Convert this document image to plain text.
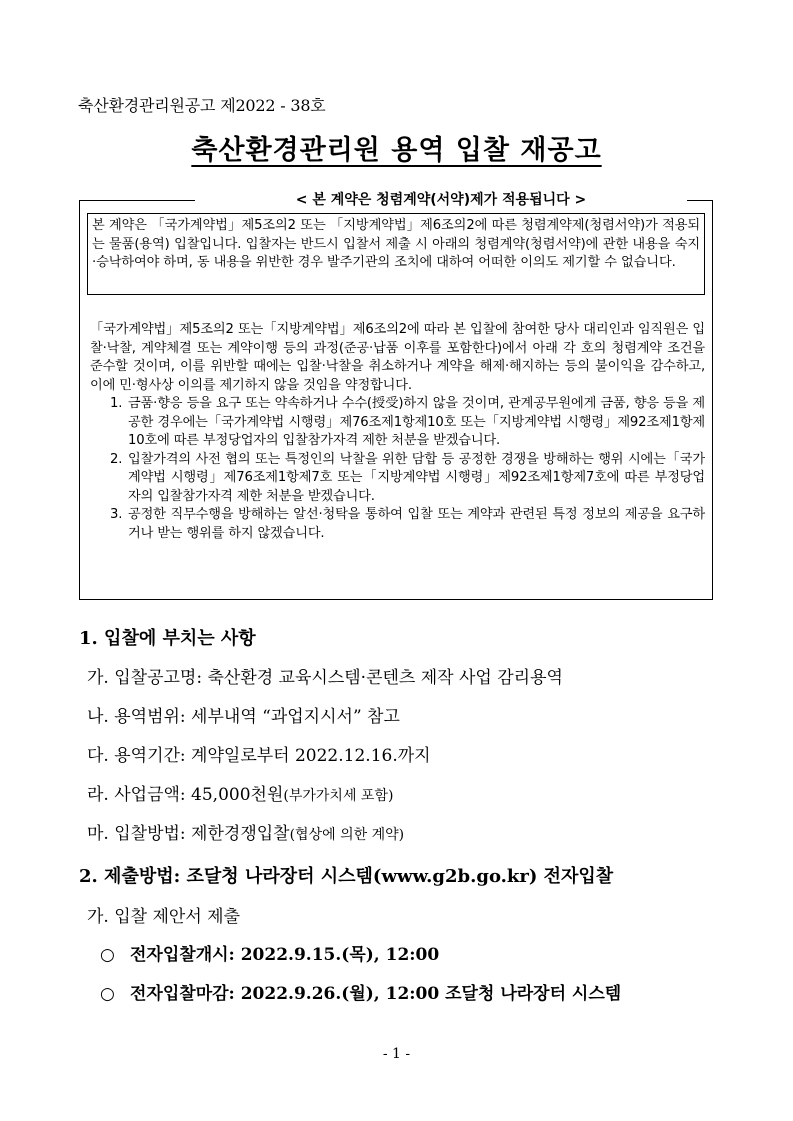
축산환경관리원공고 제2022 - 38호
축산환경관리원 용역 입찰 재공고
< 본 계약은 청렴계약(서약)제가 적용됩니다 >
본 계약은 「국가계약법」제5조의2 또는 「지방계약법」제6조의2에 따른 청렴계약제(청렴서약)가 적용되는 물품(용역) 입찰입니다. 입찰자는 반드시 입찰서 제출 시 아래의 청렴계약(청렴서약)에 관한 내용을 숙지·승낙하여야 하며, 동 내용을 위반한 경우 발주기관의 조치에 대하여 어떠한 이의도 제기할 수 없습니다.
「국가계약법」제5조의2 또는「지방계약법」제6조의2에 따라 본 입찰에 참여한 당사 대리인과 임직원은 입찰·낙찰, 계약체결 또는 계약이행 등의 과정(준공·납품 이후를 포함한다)에서 아래 각 호의 청렴계약 조건을 준수할 것이며, 이를 위반할 때에는 입찰·낙찰을 취소하거나 계약을 해제·해지하는 등의 불이익을 감수하고, 이에 민·형사상 이의를 제기하지 않을 것임을 약정합니다.
1. 금품·향응 등을 요구 또는 약속하거나 수수(授受)하지 않을 것이며, 관계공무원에게 금품, 향응 등을 제공한 경우에는「국가계약법 시행령」제76조제1항제10호 또는「지방계약법 시행령」제92조제1항제10호에 따른 부정당업자의 입찰참가자격 제한 처분을 받겠습니다.
2. 입찰가격의 사전 협의 또는 특정인의 낙찰을 위한 담합 등 공정한 경쟁을 방해하는 행위 시에는「국가계약법 시행령」제76조제1항제7호 또는「지방계약법 시행령」제92조제1항제7호에 따른 부정당업자의 입찰참가자격 제한 처분을 받겠습니다.
3. 공정한 직무수행을 방해하는 알선·청탁을 통하여 입찰 또는 계약과 관련된 특정 정보의 제공을 요구하거나 받는 행위를 하지 않겠습니다.
1. 입찰에 부치는 사항
가. 입찰공고명: 축산환경 교육시스템·콘텐츠 제작 사업 감리용역
나. 용역범위: 세부내역 “과업지시서” 참고
다. 용역기간: 계약일로부터 2022.12.16.까지
라. 사업금액: 45,000천원(부가가치세 포함)
마. 입찰방법: 제한경쟁입찰(협상에 의한 계약)
2. 제출방법: 조달청 나라장터 시스템(www.g2b.go.kr) 전자입찰
가. 입찰 제안서 제출
○ 전자입찰개시: 2022.9.15.(목), 12:00
○ 전자입찰마감: 2022.9.26.(월), 12:00 조달청 나라장터 시스템
- 1 -
